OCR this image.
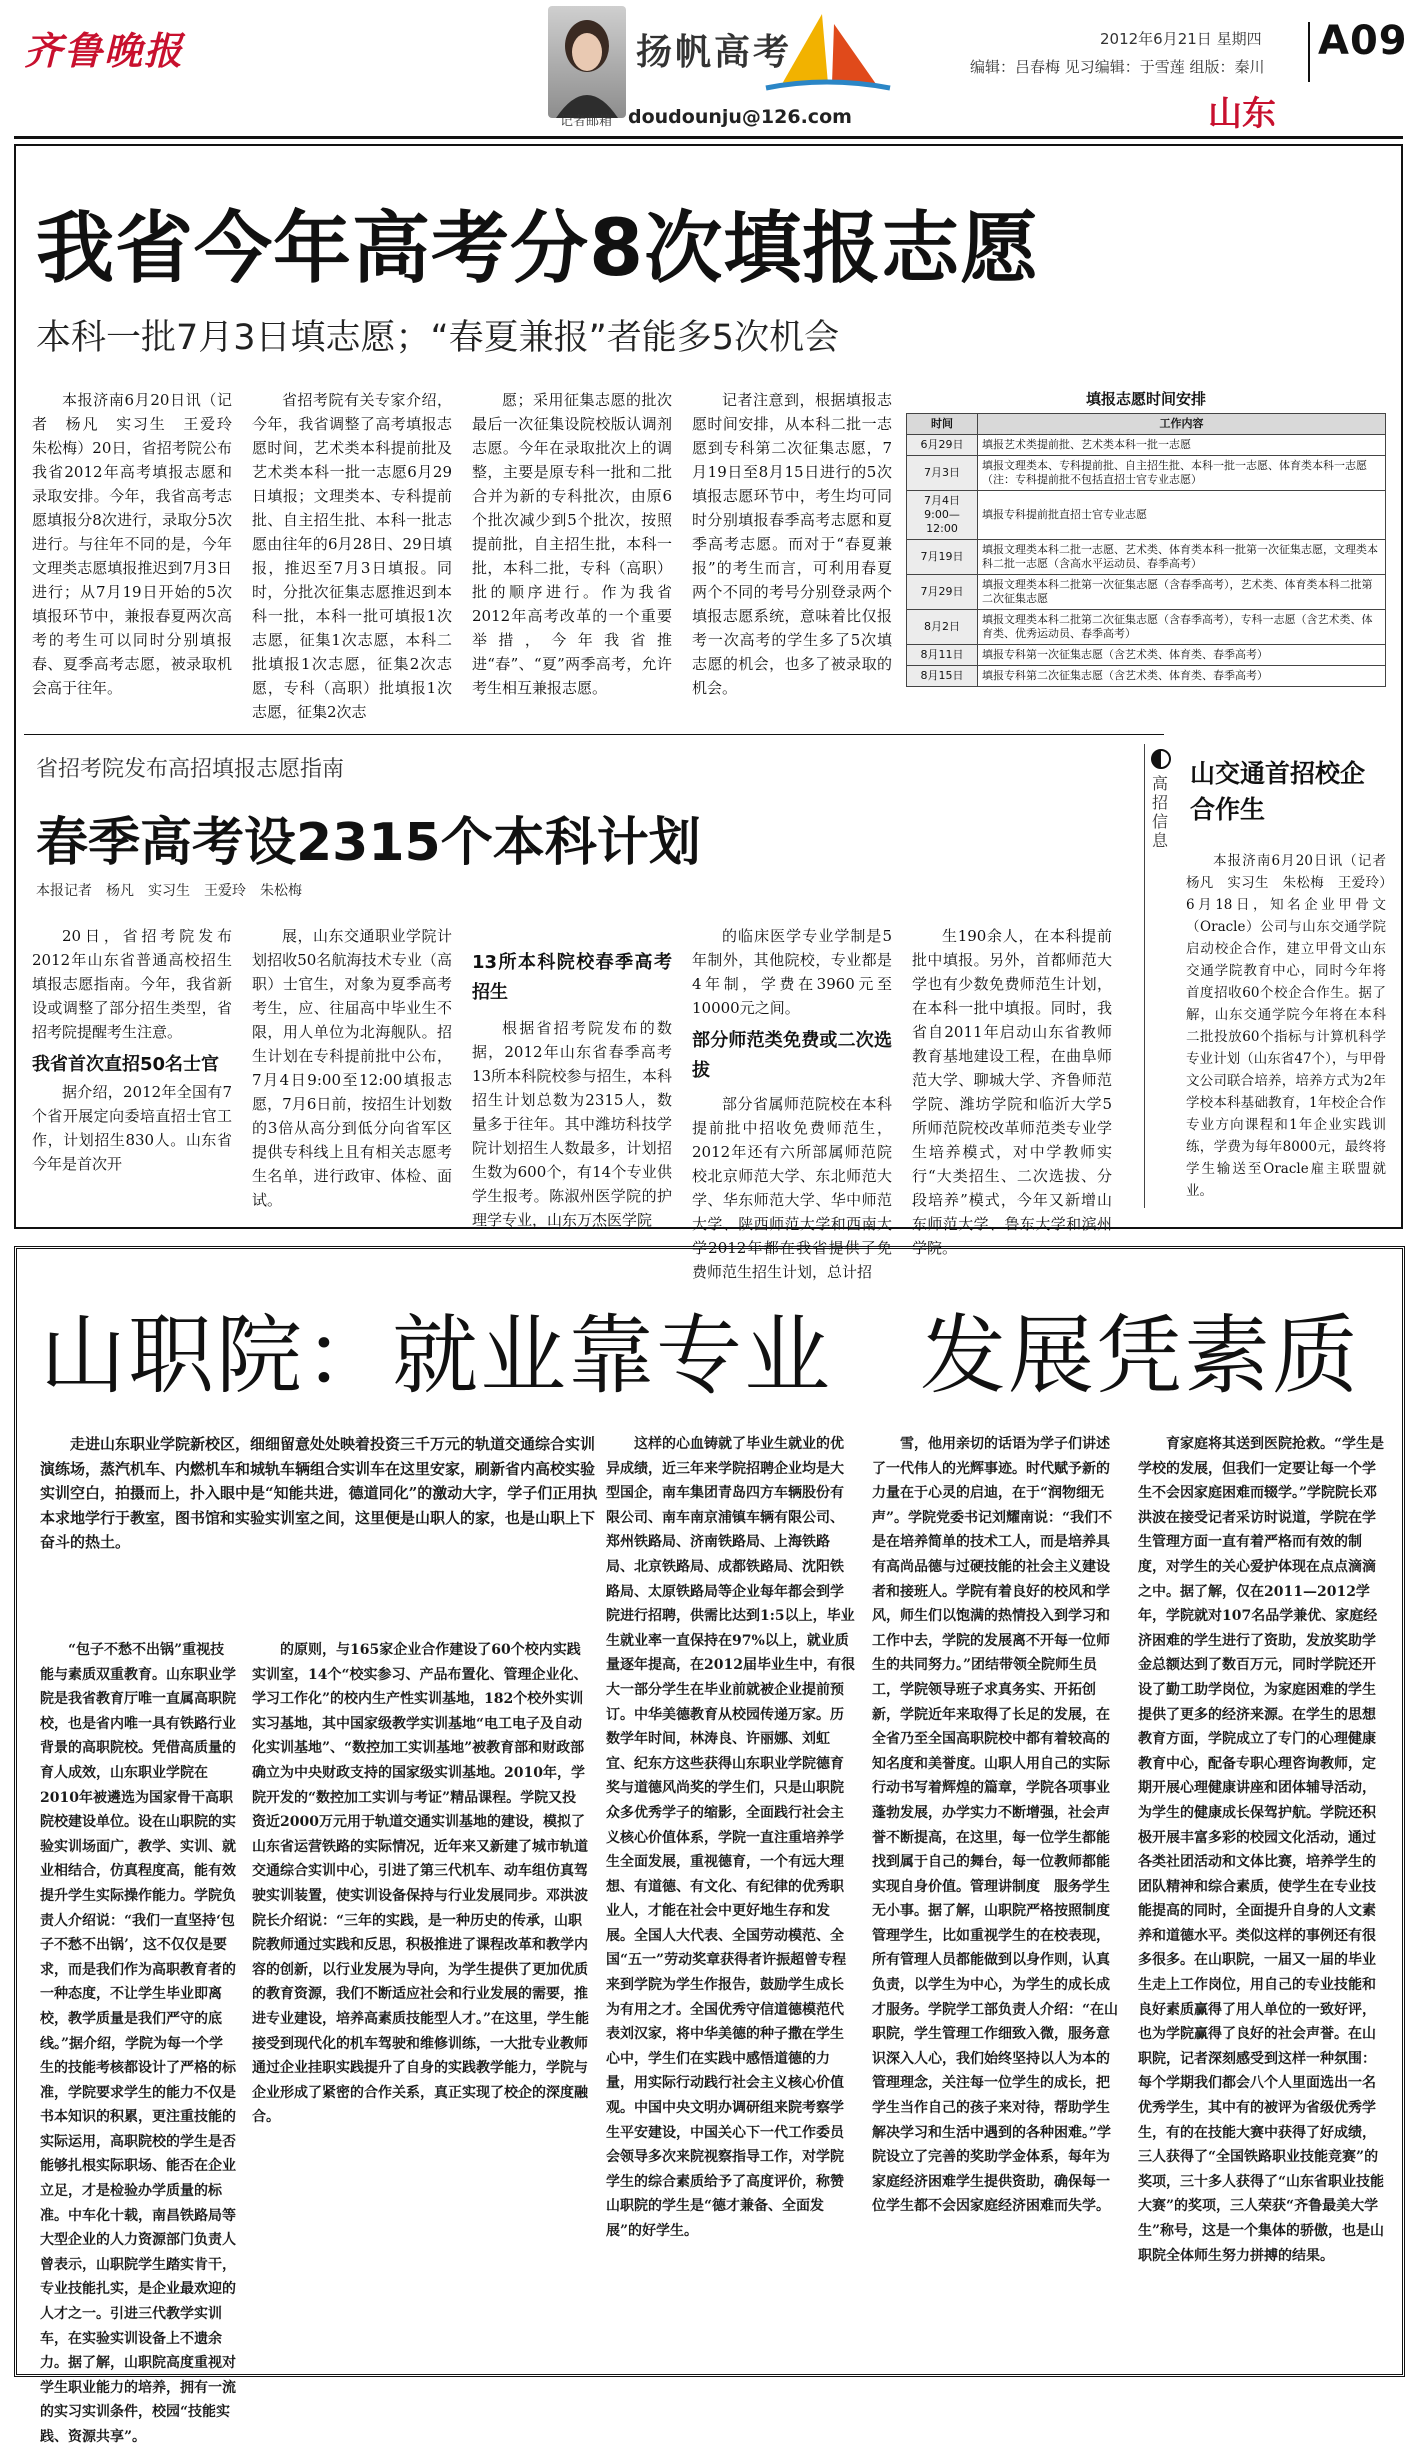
齐鲁晚报	扬帆高考
记者邮箱 doudounju@126.com
2012年6月21日 星期四
编辑：吕春梅 见习编辑：于雪莲 组版：秦川
A09
山东
我省今年高考分8次填报志愿
本科一批7月3日填志愿；“春夏兼报”者能多5次机会

本报济南6月20日讯（记者　杨凡　实习生　王爱玲　朱松梅）20日，省招考院公布我省2012年高考填报志愿和录取安排。今年，我省高考志愿填报分8次进行，录取分5次进行。与往年不同的是，今年文理类志愿填报推迟到7月3日进行；从7月19日开始的5次填报环节中，兼报春夏两次高考的考生可以同时分别填报春、夏季高考志愿，被录取机会高于往年。

省招考院有关专家介绍，今年，我省调整了高考填报志愿时间，艺术类本科提前批及艺术类本科一批一志愿6月29日填报；文理类本、专科提前批、自主招生批、本科一批志愿由往年的6月28日、29日填报，推迟至7月3日填报。同时，分批次征集志愿推迟到本科一批，本科一批可填报1次志愿，征集1次志愿，本科二批填报1次志愿，征集2次志愿，专科（高职）批填报1次志愿，征集2次志

愿；采用征集志愿的批次最后一次征集设院校版认调剂志愿。今年在录取批次上的调整，主要是原专科一批和二批合并为新的专科批次，由原6个批次减少到5个批次，按照提前批，自主招生批，本科一批，本科二批，专科（高职）批的顺序进行。作为我省2012年高考改革的一个重要举措，今年我省推进“春”、“夏”两季高考，允许考生相互兼报志愿。

记者注意到，根据填报志愿时间安排，从本科二批一志愿到专科第二次征集志愿，7月19日至8月15日进行的5次填报志愿环节中，考生均可同时分别填报春季高考志愿和夏季高考志愿。而对于“春夏兼报”的考生而言，可利用春夏两个不同的考号分别登录两个填报志愿系统，意味着比仅报考一次高考的学生多了5次填志愿的机会，也多了被录取的机会。

填报志愿时间安排
时间	工作内容
6月29日	填报艺术类提前批、艺术类本科一批一志愿
7月3日	填报文理类本、专科提前批、自主招生批、本科一批一志愿、体育类本科一志愿（注：专科提前批不包括直招士官专业志愿）
7月4日 9:00—12:00	填报专科提前批直招士官专业志愿
7月19日	填报文理类本科二批一志愿、艺术类、体育类本科一批第一次征集志愿，文理类本科二批一志愿（含高水平运动员、春季高考）
7月29日	填报文理类本科二批第一次征集志愿（含春季高考），艺术类、体育类本科二批第二次征集志愿
8月2日	填报文理类本科二批第二次征集志愿（含春季高考），专科一志愿（含艺术类、体育类、优秀运动员、春季高考）
8月11日	填报专科第一次征集志愿（含艺术类、体育类、春季高考）
8月15日	填报专科第二次征集志愿（含艺术类、体育类、春季高考）
省招考院发布高招填报志愿指南
春季高考设2315个本科计划
本报记者　杨凡　实习生　王爱玲　朱松梅

20日，省招考院发布2012年山东省普通高校招生填报志愿指南。今年，我省新设或调整了部分招生类型，省招考院提醒考生注意。

我省首次直招50名士官

据介绍，2012年全国有7个省开展定向委培直招士官工作，计划招生830人。山东省今年是首次开

展，山东交通职业学院计划招收50名航海技术专业（高职）士官生，对象为夏季高考考生，应、往届高中毕业生不限，用人单位为北海舰队。招生计划在专科提前批中公布，7月4日9:00至12:00填报志愿，7月6日前，按招生计划数的3倍从高分到低分向省军区提供专科线上且有相关志愿考生名单，进行政审、体检、面试。

13所本科院校春季高考招生

根据省招考院发布的数据，2012年山东省春季高考13所本科院校参与招生，本科招生计划总数为2315人，数量多于往年。其中潍坊科技学院计划招生人数最多，计划招生数为600个，有14个专业供学生报考。陈淑州医学院的护理学专业，山东万杰医学院

的临床医学专业学制是5年制外，其他院校，专业都是4年制，学费在3960元至10000元之间。

部分师范类免费或二次选拔

部分省属师范院校在本科提前批中招收免费师范生，2012年还有六所部属师范院校北京师范大学、东北师范大学、华东师范大学、华中师范大学、陕西师范大学和西南大学2012年都在我省提供了免费师范生招生计划，总计招

生190余人，在本科提前批中填报。另外，首都师范大学也有少数免费师范生计划，在本科一批中填报。同时，我省自2011年启动山东省教师教育基地建设工程，在曲阜师范大学、聊城大学、齐鲁师范学院、潍坊学院和临沂大学5所师范院校改革师范类专业学生培养模式，对中学教师实行“大类招生、二次选拔、分段培养”模式，今年又新增山东师范大学、鲁东大学和滨州学院。

高招信息
山交通首招校企合作生

本报济南6月20日讯（记者　杨凡　实习生　朱松梅　王爱玲）6月18日，知名企业甲骨文（Oracle）公司与山东交通学院启动校企合作，建立甲骨文山东交通学院教育中心，同时今年将首度招收60个校企合作生。据了解，山东交通学院今年将在本科二批投放60个指标与计算机科学专业计划（山东省47个），与甲骨文公司联合培养，培养方式为2年学校本科基础教育，1年校企合作专业方向课程和1年企业实践训练，学费为每年8000元，最终将学生输送至Oracle雇主联盟就业。

山职院：就业靠专业　发展凭素质

走进山东职业学院新校区，细细留意处处映着投资三千万元的轨道交通综合实训演练场，蒸汽机车、内燃机车和城轨车辆组合实训车在这里安家，刷新省内高校实验实训空白，拍摄而上，扑入眼中是“知能共进，德道同化”的激动大字，学子们正用执本求地学行于教室，图书馆和实验实训室之间，这里便是山职人的家，也是山职上下奋斗的热土。

“包子不愁不出锅”重视技能与素质双重教育。山东职业学院是我省教育厅唯一直属高职院校，也是省内唯一具有铁路行业背景的高职院校。凭借高质量的育人成效，山东职业学院在2010年被遴选为国家骨干高职院校建设单位。设在山职院的实验实训场面广，教学、实训、就业相结合，仿真程度高，能有效提升学生实际操作能力。学院负责人介绍说：“我们一直坚持‘包子不愁不出锅’，这不仅仅是要求，而是我们作为高职教育者的一种态度，不让学生毕业即离校，教学质量是我们严守的底线。”据介绍，学院为每一个学生的技能考核都设计了严格的标准，学院要求学生的能力不仅是书本知识的积累，更注重技能的实际运用，高职院校的学生是否能够扎根实际职场、能否在企业立足，才是检验办学质量的标准。中车化十载，南昌铁路局等大型企业的人力资源部门负责人曾表示，山职院学生踏实肯干，专业技能扎实，是企业最欢迎的人才之一。引进三代教学实训车，在实验实训设备上不遗余力。据了解，山职院高度重视对学生职业能力的培养，拥有一流的实习实训条件，校园“技能实践、资源共享”。

的原则，与165家企业合作建设了60个校内实践实训室，14个“校实参习、产品布置化、管理企业化、学习工作化”的校内生产性实训基地，182个校外实训实习基地，其中国家级教学实训基地“电工电子及自动化实训基地”、“数控加工实训基地”被教育部和财政部确立为中央财政支持的国家级实训基地。2010年，学院开发的“数控加工实训与考证”精品课程。学院又投资近2000万元用于轨道交通实训基地的建设，模拟了山东省运营铁路的实际情况，近年来又新建了城市轨道交通综合实训中心，引进了第三代机车、动车组仿真驾驶实训装置，使实训设备保持与行业发展同步。邓洪波院长介绍说：“三年的实践，是一种历史的传承，山职院教师通过实践和反思，积极推进了课程改革和教学内容的创新，以行业发展为导向，为学生提供了更加优质的教育资源，我们不断适应社会和行业发展的需要，推进专业建设，培养高素质技能型人才。”在这里，学生能接受到现代化的机车驾驶和维修训练，一大批专业教师通过企业挂职实践提升了自身的实践教学能力，学院与企业形成了紧密的合作关系，真正实现了校企的深度融合。

这样的心血铸就了毕业生就业的优异成绩，近三年来学院招聘企业均是大型国企，南车集团青岛四方车辆股份有限公司、南车南京浦镇车辆有限公司、郑州铁路局、济南铁路局、上海铁路局、北京铁路局、成都铁路局、沈阳铁路局、太原铁路局等企业每年都会到学院进行招聘，供需比达到1:5以上，毕业生就业率一直保持在97%以上，就业质量逐年提高，在2012届毕业生中，有很大一部分学生在毕业前就被企业提前预订。中华美德教育从校园传递万家。历数学年时间，林涛良、许丽娜、刘虹宜、纪东方这些获得山东职业学院德育奖与道德风尚奖的学生们，只是山职院众多优秀学子的缩影，全面践行社会主义核心价值体系，学院一直注重培养学生全面发展，重视德育，一个有远大理想、有道德、有文化、有纪律的优秀职业人，才能在社会中更好地生存和发展。全国人大代表、全国劳动模范、全国“五一”劳动奖章获得者许振超曾专程来到学院为学生作报告，鼓励学生成长为有用之才。全国优秀守信道德模范代表刘汉家，将中华美德的种子撒在学生心中，学生们在实践中感悟道德的力量，用实际行动践行社会主义核心价值观。中国中央文明办调研组来院考察学生平安建设，中国关心下一代工作委员会领导多次来院视察指导工作，对学院学生的综合素质给予了高度评价，称赞山职院的学生是“德才兼备、全面发展”的好学生。

雪，他用亲切的话语为学子们讲述了一代伟人的光辉事迹。时代赋予新的力量在于心灵的启迪，在于“润物细无声”。学院党委书记刘耀南说：“我们不是在培养简单的技术工人，而是培养具有高尚品德与过硬技能的社会主义建设者和接班人。学院有着良好的校风和学风，师生们以饱满的热情投入到学习和工作中去，学院的发展离不开每一位师生的共同努力。”团结带领全院师生员工，学院领导班子求真务实、开拓创新，学院近年来取得了长足的发展，在全省乃至全国高职院校中都有着较高的知名度和美誉度。山职人用自己的实际行动书写着辉煌的篇章，学院各项事业蓬勃发展，办学实力不断增强，社会声誉不断提高，在这里，每一位学生都能找到属于自己的舞台，每一位教师都能实现自身价值。管理讲制度　服务学生无小事。据了解，山职院严格按照制度管理学生，比如重视学生的在校表现，所有管理人员都能做到以身作则，认真负责，以学生为中心，为学生的成长成才服务。学院学工部负责人介绍：“在山职院，学生管理工作细致入微，服务意识深入人心，我们始终坚持以人为本的管理理念，关注每一位学生的成长，把学生当作自己的孩子来对待，帮助学生解决学习和生活中遇到的各种困难。”学院设立了完善的奖助学金体系，每年为家庭经济困难学生提供资助，确保每一位学生都不会因家庭经济困难而失学。

育家庭将其送到医院抢救。“学生是学校的发展，但我们一定要让每一个学生不会因家庭困难而辍学。”学院院长邓洪波在接受记者采访时说道，学院在学生管理方面一直有着严格而有效的制度，对学生的关心爱护体现在点点滴滴之中。据了解，仅在2011—2012学年，学院就对107名品学兼优、家庭经济困难的学生进行了资助，发放奖助学金总额达到了数百万元，同时学院还开设了勤工助学岗位，为家庭困难的学生提供了更多的经济来源。在学生的思想教育方面，学院成立了专门的心理健康教育中心，配备专职心理咨询教师，定期开展心理健康讲座和团体辅导活动，为学生的健康成长保驾护航。学院还积极开展丰富多彩的校园文化活动，通过各类社团活动和文体比赛，培养学生的团队精神和综合素质，使学生在专业技能提高的同时，全面提升自身的人文素养和道德水平。类似这样的事例还有很多很多。在山职院，一届又一届的毕业生走上工作岗位，用自己的专业技能和良好素质赢得了用人单位的一致好评，也为学院赢得了良好的社会声誉。在山职院，记者深刻感受到这样一种氛围：每个学期我们都会八个人里面选出一名优秀学生，其中有的被评为省级优秀学生，有的在技能大赛中获得了好成绩，三人获得了“全国铁路职业技能竞赛”的奖项，三十多人获得了“山东省职业技能大赛”的奖项，三人荣获“齐鲁最美大学生”称号，这是一个集体的骄傲，也是山职院全体师生努力拼搏的结果。
